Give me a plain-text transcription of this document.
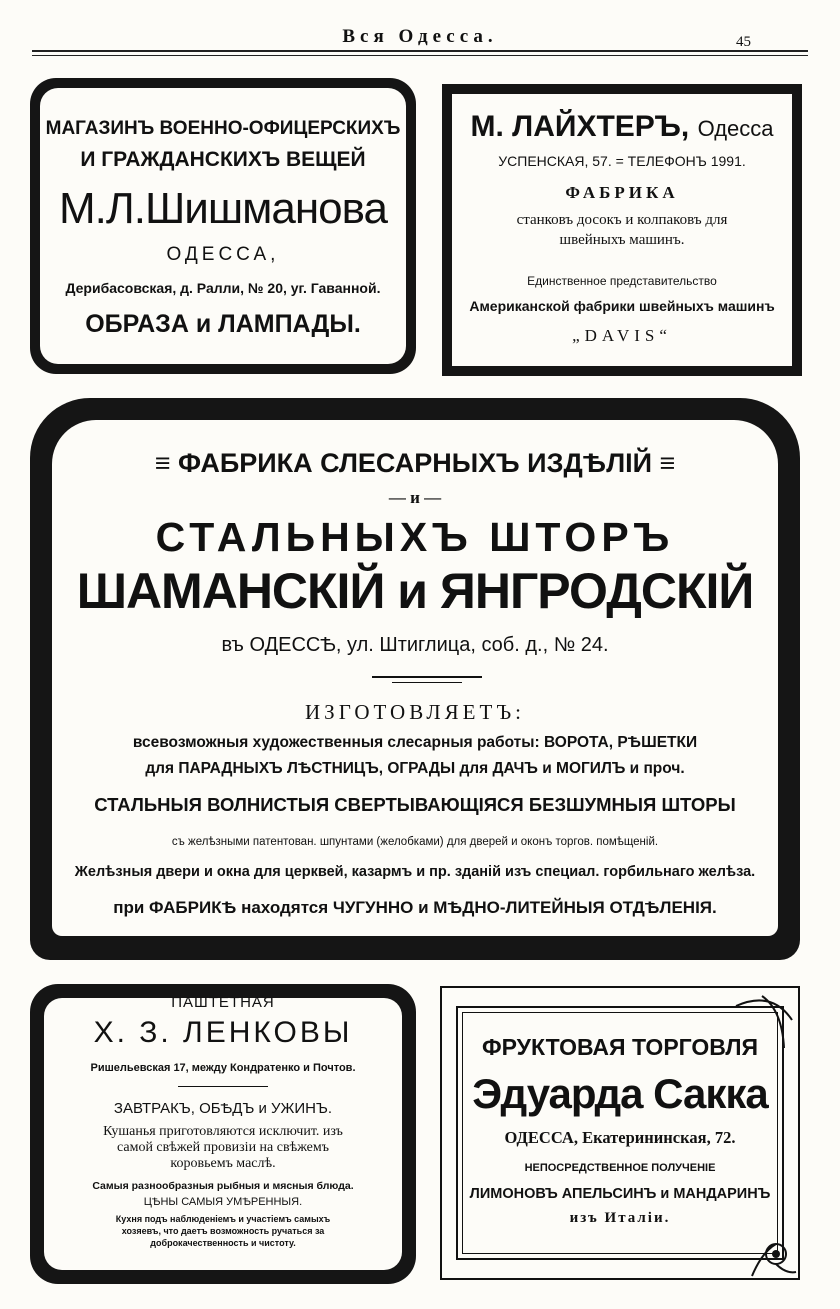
Вся Одесса.	45
МАГАЗИНЪ ВОЕННО-ОФИЦЕРСКИХЪ
И ГРАЖДАНСКИХЪ ВЕЩЕЙ
М.Л.Шишманова
ОДЕССА,
Дерибасовская, д. Ралли, № 20, уг. Гаванной.
ОБРАЗА и ЛАМПАДЫ.
М. ЛАЙХТЕРЪ, Одесса
УСПЕНСКАЯ, 57. = ТЕЛЕФОНЪ 1991.
ФАБРИКА
станковъ досокъ и колпаковъ для
швейныхъ машинъ.
Единственное представительство
Американской фабрики швейныхъ машинъ
„DAVIS“
≡ ФАБРИКА СЛЕСАРНЫХЪ ИЗДѢЛІЙ ≡
— и —
СТАЛЬНЫХЪ ШТОРЪ
ШАМАНСКІЙ и ЯНГРОДСКІЙ
въ ОДЕССѢ, ул. Штиглица, соб. д., № 24.
ИЗГОТОВЛЯЕТЪ:
всевозможныя художественныя слесарныя работы: ВОРОТА, РѢШЕТКИ
для ПАРАДНЫХЪ ЛѢСТНИЦЪ, ОГРАДЫ для ДАЧЪ и МОГИЛЪ и проч.
СТАЛЬНЫЯ ВОЛНИСТЫЯ СВЕРТЫВАЮЩІЯСЯ БЕЗШУМНЫЯ ШТОРЫ
съ желѣзными патентован. шпунтами (желобками) для дверей и оконъ торгов. помѣщеній.
Желѣзныя двери и окна для церквей, казармъ и пр. зданій изъ специал. горбильнаго желѣза.
при ФАБРИКѢ находятся ЧУГУННО и МѢДНО-ЛИТЕЙНЫЯ ОТДѢЛЕНІЯ.
ПАШТЕТНАЯ
Х. З. ЛЕНКОВЫ
Ришельевская 17, между Кондратенко и Почтов.
ЗАВТРАКЪ, ОБѢДЪ и УЖИНЪ.
Кушанья приготовляются исключит. изъ
самой свѣжей провизіи на свѣжемъ
коровьемъ маслѣ.
Самыя разнообразныя рыбныя и мясныя блюда.
ЦѢНЫ САМЫЯ УМѢРЕННЫЯ.
Кухня подъ наблюденіемъ и участіемъ самыхъ
хозяевъ, что даетъ возможность ручаться за
доброкачественность и чистоту.
ФРУКТОВАЯ ТОРГОВЛЯ
Эдуарда Сакка
ОДЕССА, Екатерининская, 72.
НЕПОСРЕДСТВЕННОЕ ПОЛУЧЕНІЕ
ЛИМОНОВЪ АПЕЛЬСИНЪ и МАНДАРИНЪ
изъ Италіи.
